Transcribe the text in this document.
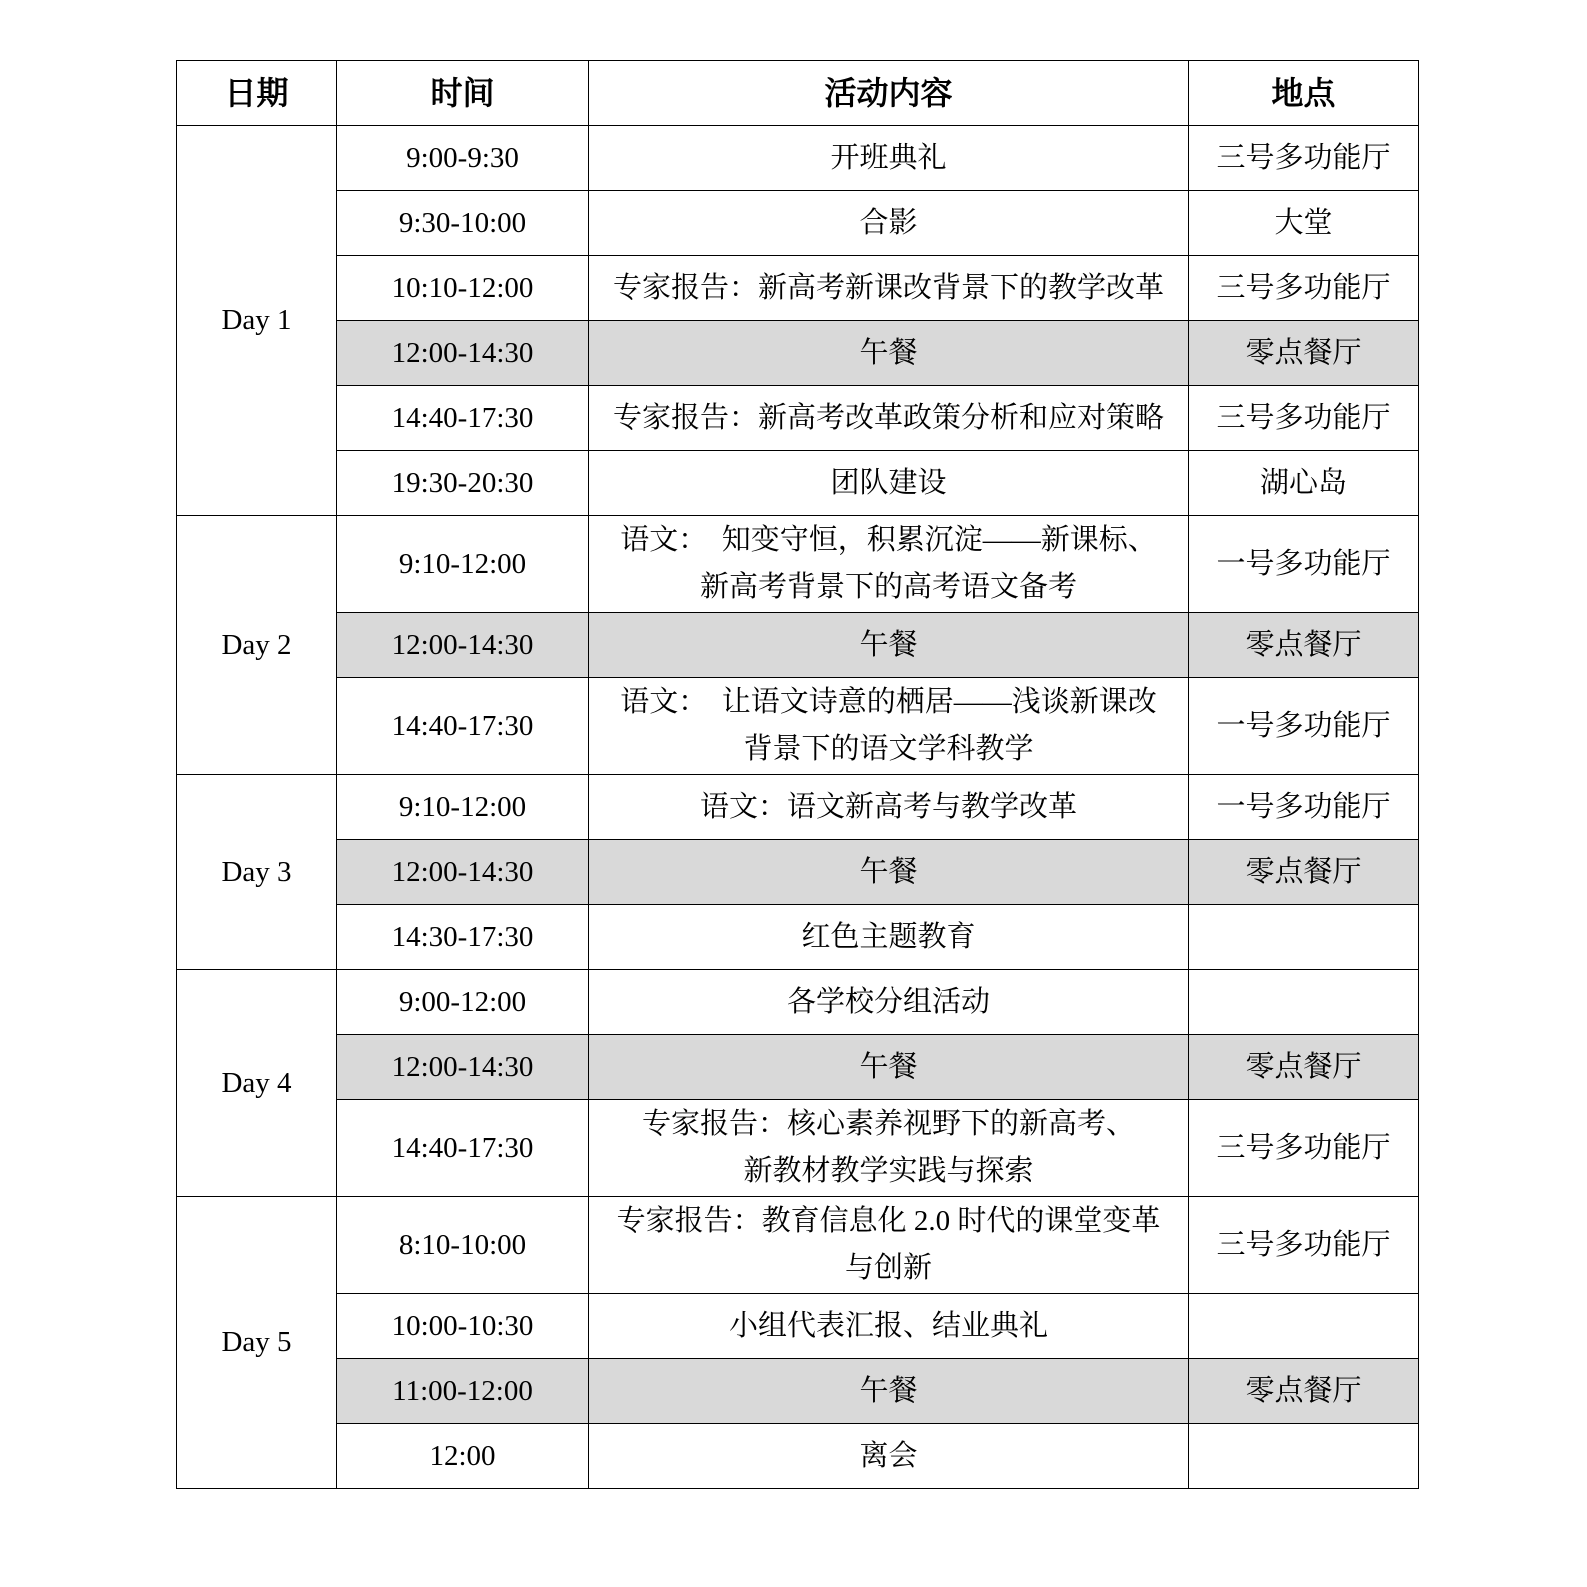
日期	时间	活动内容	地点
Day 1	9:00-9:30	开班典礼	三号多功能厅
	9:30-10:00	合影	大堂
	10:10-12:00	专家报告：新高考新课改背景下的教学改革	三号多功能厅
	12:00-14:30	午餐	零点餐厅
	14:40-17:30	专家报告：新高考改革政策分析和应对策略	三号多功能厅
	19:30-20:30	团队建设	湖心岛
Day 2	9:10-12:00	语文：　知变守恒，积累沉淀——新课标、
新高考背景下的高考语文备考	一号多功能厅
	12:00-14:30	午餐	零点餐厅
	14:40-17:30	语文：　让语文诗意的栖居——浅谈新课改
背景下的语文学科教学	一号多功能厅
Day 3	9:10-12:00	语文：语文新高考与教学改革	一号多功能厅
	12:00-14:30	午餐	零点餐厅
	14:30-17:30	红色主题教育	
Day 4	9:00-12:00	各学校分组活动	
	12:00-14:30	午餐	零点餐厅
	14:40-17:30	专家报告：核心素养视野下的新高考、
新教材教学实践与探索	三号多功能厅
Day 5	8:10-10:00	专家报告：教育信息化 2.0 时代的课堂变革
与创新	三号多功能厅
	10:00-10:30	小组代表汇报、结业典礼	
	11:00-12:00	午餐	零点餐厅
	12:00	离会	
